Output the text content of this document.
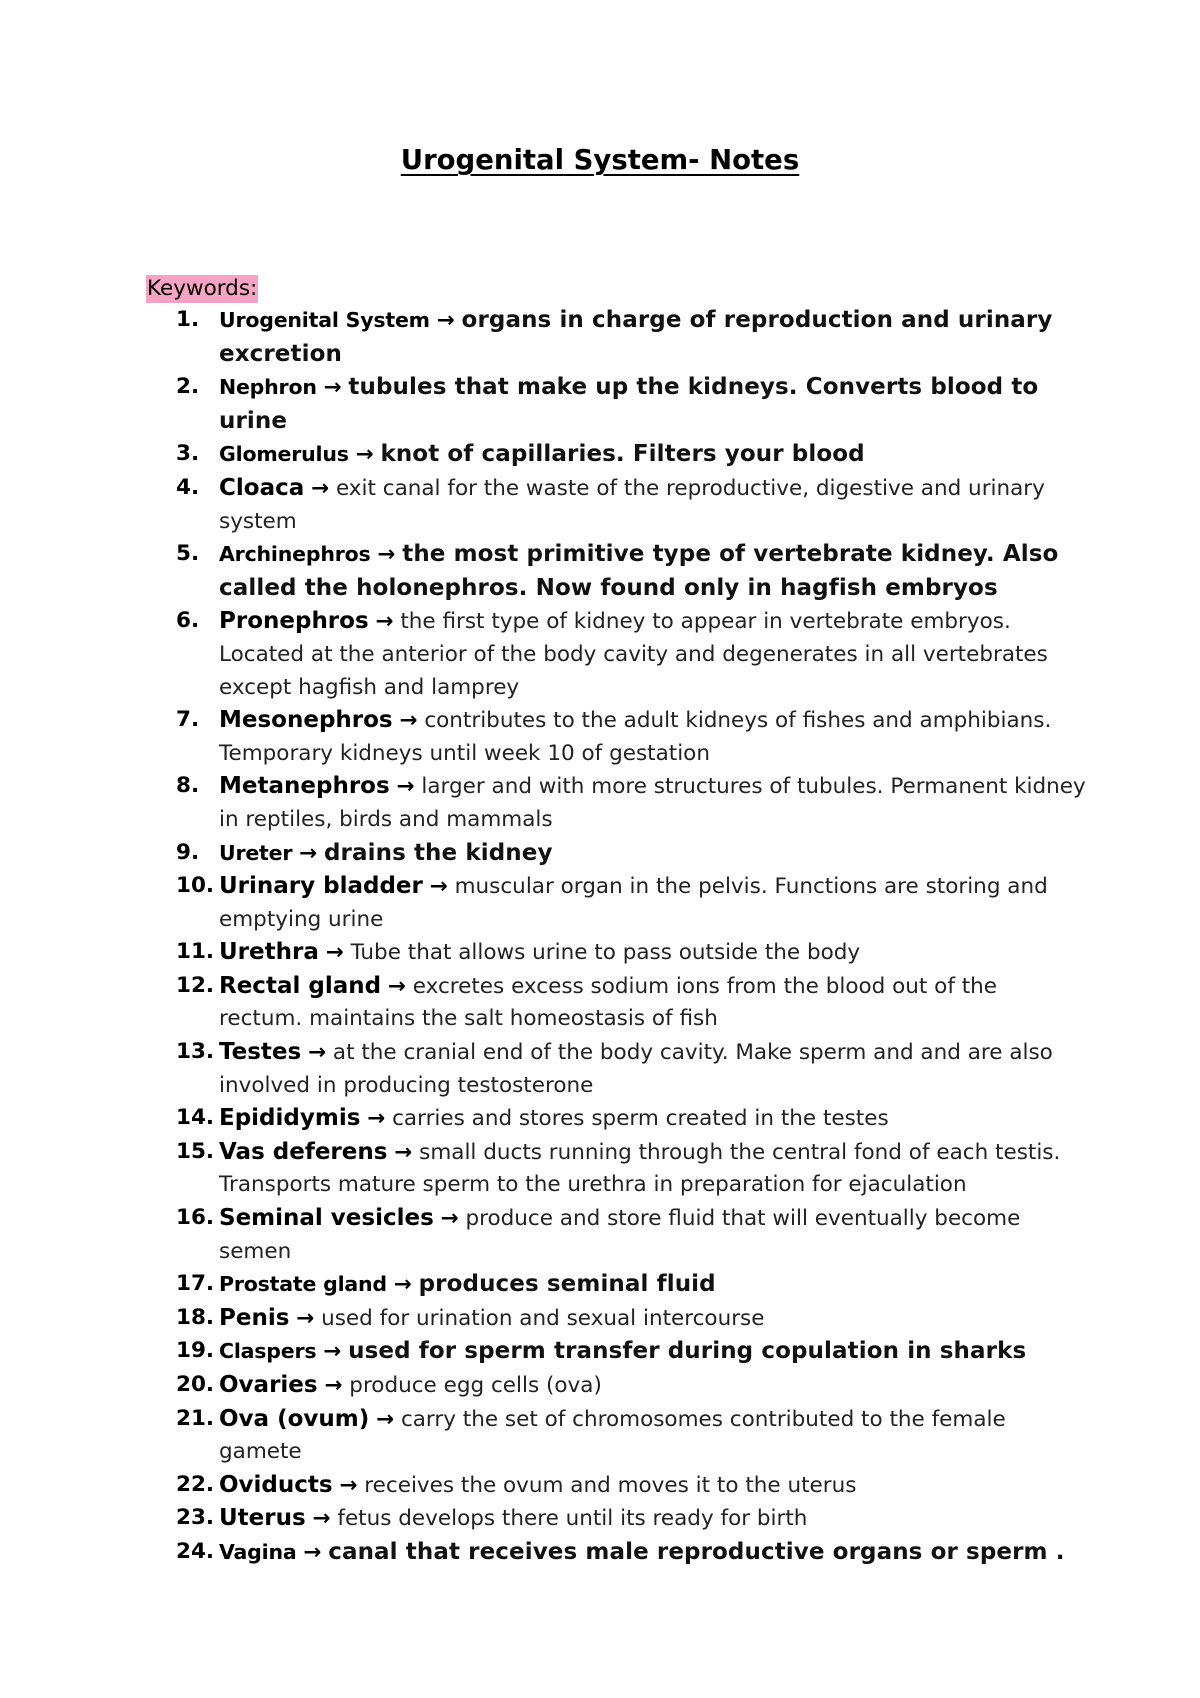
Urogenital System- Notes
Keywords:
1. Urogenital System → organs in charge of reproduction and urinary excretion
2. Nephron → tubules that make up the kidneys. Converts blood to urine
3. Glomerulus → knot of capillaries. Filters your blood
4. Cloaca → exit canal for the waste of the reproductive, digestive and urinary system
5. Archinephros → the most primitive type of vertebrate kidney. Also called the holonephros. Now found only in hagfish embryos
6. Pronephros → the first type of kidney to appear in vertebrate embryos. Located at the anterior of the body cavity and degenerates in all vertebrates except hagfish and lamprey
7. Mesonephros → contributes to the adult kidneys of fishes and amphibians. Temporary kidneys until week 10 of gestation
8. Metanephros → larger and with more structures of tubules. Permanent kidney in reptiles, birds and mammals
9. Ureter → drains the kidney
10. Urinary bladder → muscular organ in the pelvis. Functions are storing and emptying urine
11. Urethra → Tube that allows urine to pass outside the body
12. Rectal gland → excretes excess sodium ions from the blood out of the rectum. maintains the salt homeostasis of fish
13. Testes → at the cranial end of the body cavity. Make sperm and and are also involved in producing testosterone
14. Epididymis → carries and stores sperm created in the testes
15. Vas deferens → small ducts running through the central fond of each testis. Transports mature sperm to the urethra in preparation for ejaculation
16. Seminal vesicles → produce and store fluid that will eventually become semen
17. Prostate gland → produces seminal fluid
18. Penis → used for urination and sexual intercourse
19. Claspers → used for sperm transfer during copulation in sharks
20. Ovaries → produce egg cells (ova)
21. Ova (ovum) → carry the set of chromosomes contributed to the female gamete
22. Oviducts → receives the ovum and moves it to the uterus
23. Uterus → fetus develops there until its ready for birth
24. Vagina → canal that receives male reproductive organs or sperm .
